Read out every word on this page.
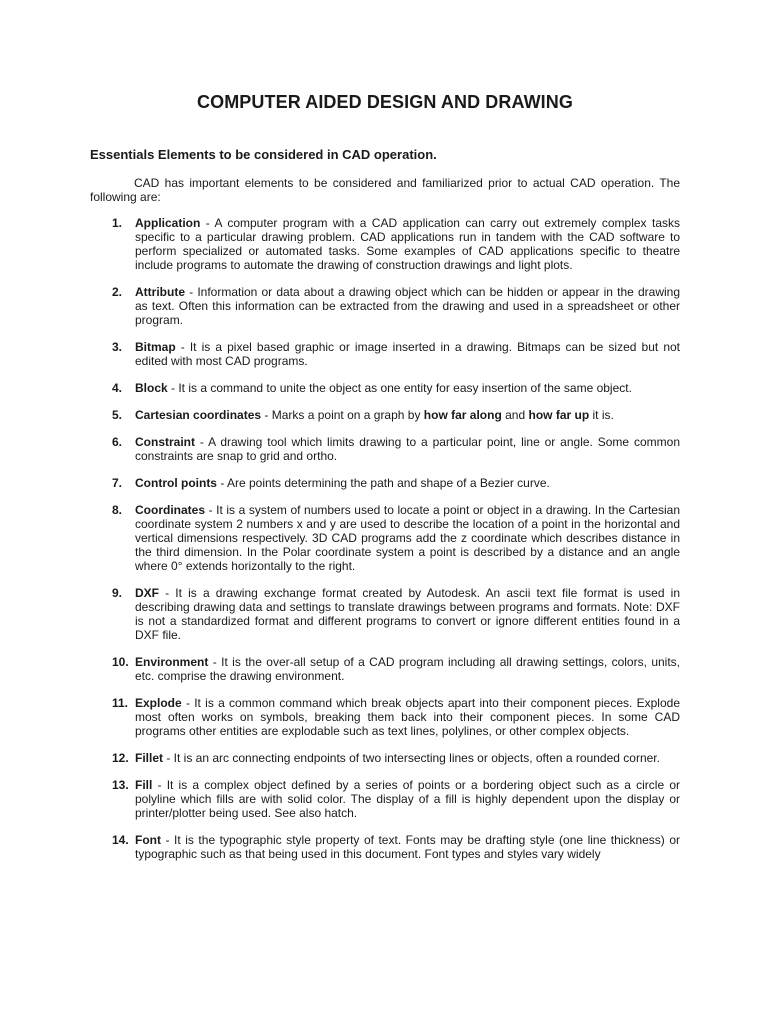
COMPUTER AIDED DESIGN AND DRAWING
Essentials Elements to be considered in CAD operation.

CAD has important elements to be considered and familiarized prior to actual CAD operation. The following are:

1. Application - A computer program with a CAD application can carry out extremely complex tasks specific to a particular drawing problem. CAD applications run in tandem with the CAD software to perform specialized or automated tasks. Some examples of CAD applications specific to theatre include programs to automate the drawing of construction drawings and light plots.
2. Attribute - Information or data about a drawing object which can be hidden or appear in the drawing as text. Often this information can be extracted from the drawing and used in a spreadsheet or other program.
3. Bitmap - It is a pixel based graphic or image inserted in a drawing. Bitmaps can be sized but not edited with most CAD programs.
4. Block - It is a command to unite the object as one entity for easy insertion of the same object.
5. Cartesian coordinates - Marks a point on a graph by how far along and how far up it is.
6. Constraint - A drawing tool which limits drawing to a particular point, line or angle. Some common constraints are snap to grid and ortho.
7. Control points - Are points determining the path and shape of a Bezier curve.
8. Coordinates - It is a system of numbers used to locate a point or object in a drawing. In the Cartesian coordinate system 2 numbers x and y are used to describe the location of a point in the horizontal and vertical dimensions respectively. 3D CAD programs add the z coordinate which describes distance in the third dimension. In the Polar coordinate system a point is described by a distance and an angle where 0° extends horizontally to the right.
9. DXF - It is a drawing exchange format created by Autodesk. An ascii text file format is used in describing drawing data and settings to translate drawings between programs and formats. Note: DXF is not a standardized format and different programs to convert or ignore different entities found in a DXF file.
10. Environment - It is the over-all setup of a CAD program including all drawing settings, colors, units, etc. comprise the drawing environment.
11. Explode - It is a common command which break objects apart into their component pieces. Explode most often works on symbols, breaking them back into their component pieces. In some CAD programs other entities are explodable such as text lines, polylines, or other complex objects.
12. Fillet - It is an arc connecting endpoints of two intersecting lines or objects, often a rounded corner.
13. Fill - It is a complex object defined by a series of points or a bordering object such as a circle or polyline which fills are with solid color. The display of a fill is highly dependent upon the display or printer/plotter being used. See also hatch.
14. Font - It is the typographic style property of text. Fonts may be drafting style (one line thickness) or typographic such as that being used in this document. Font types and styles vary widely
